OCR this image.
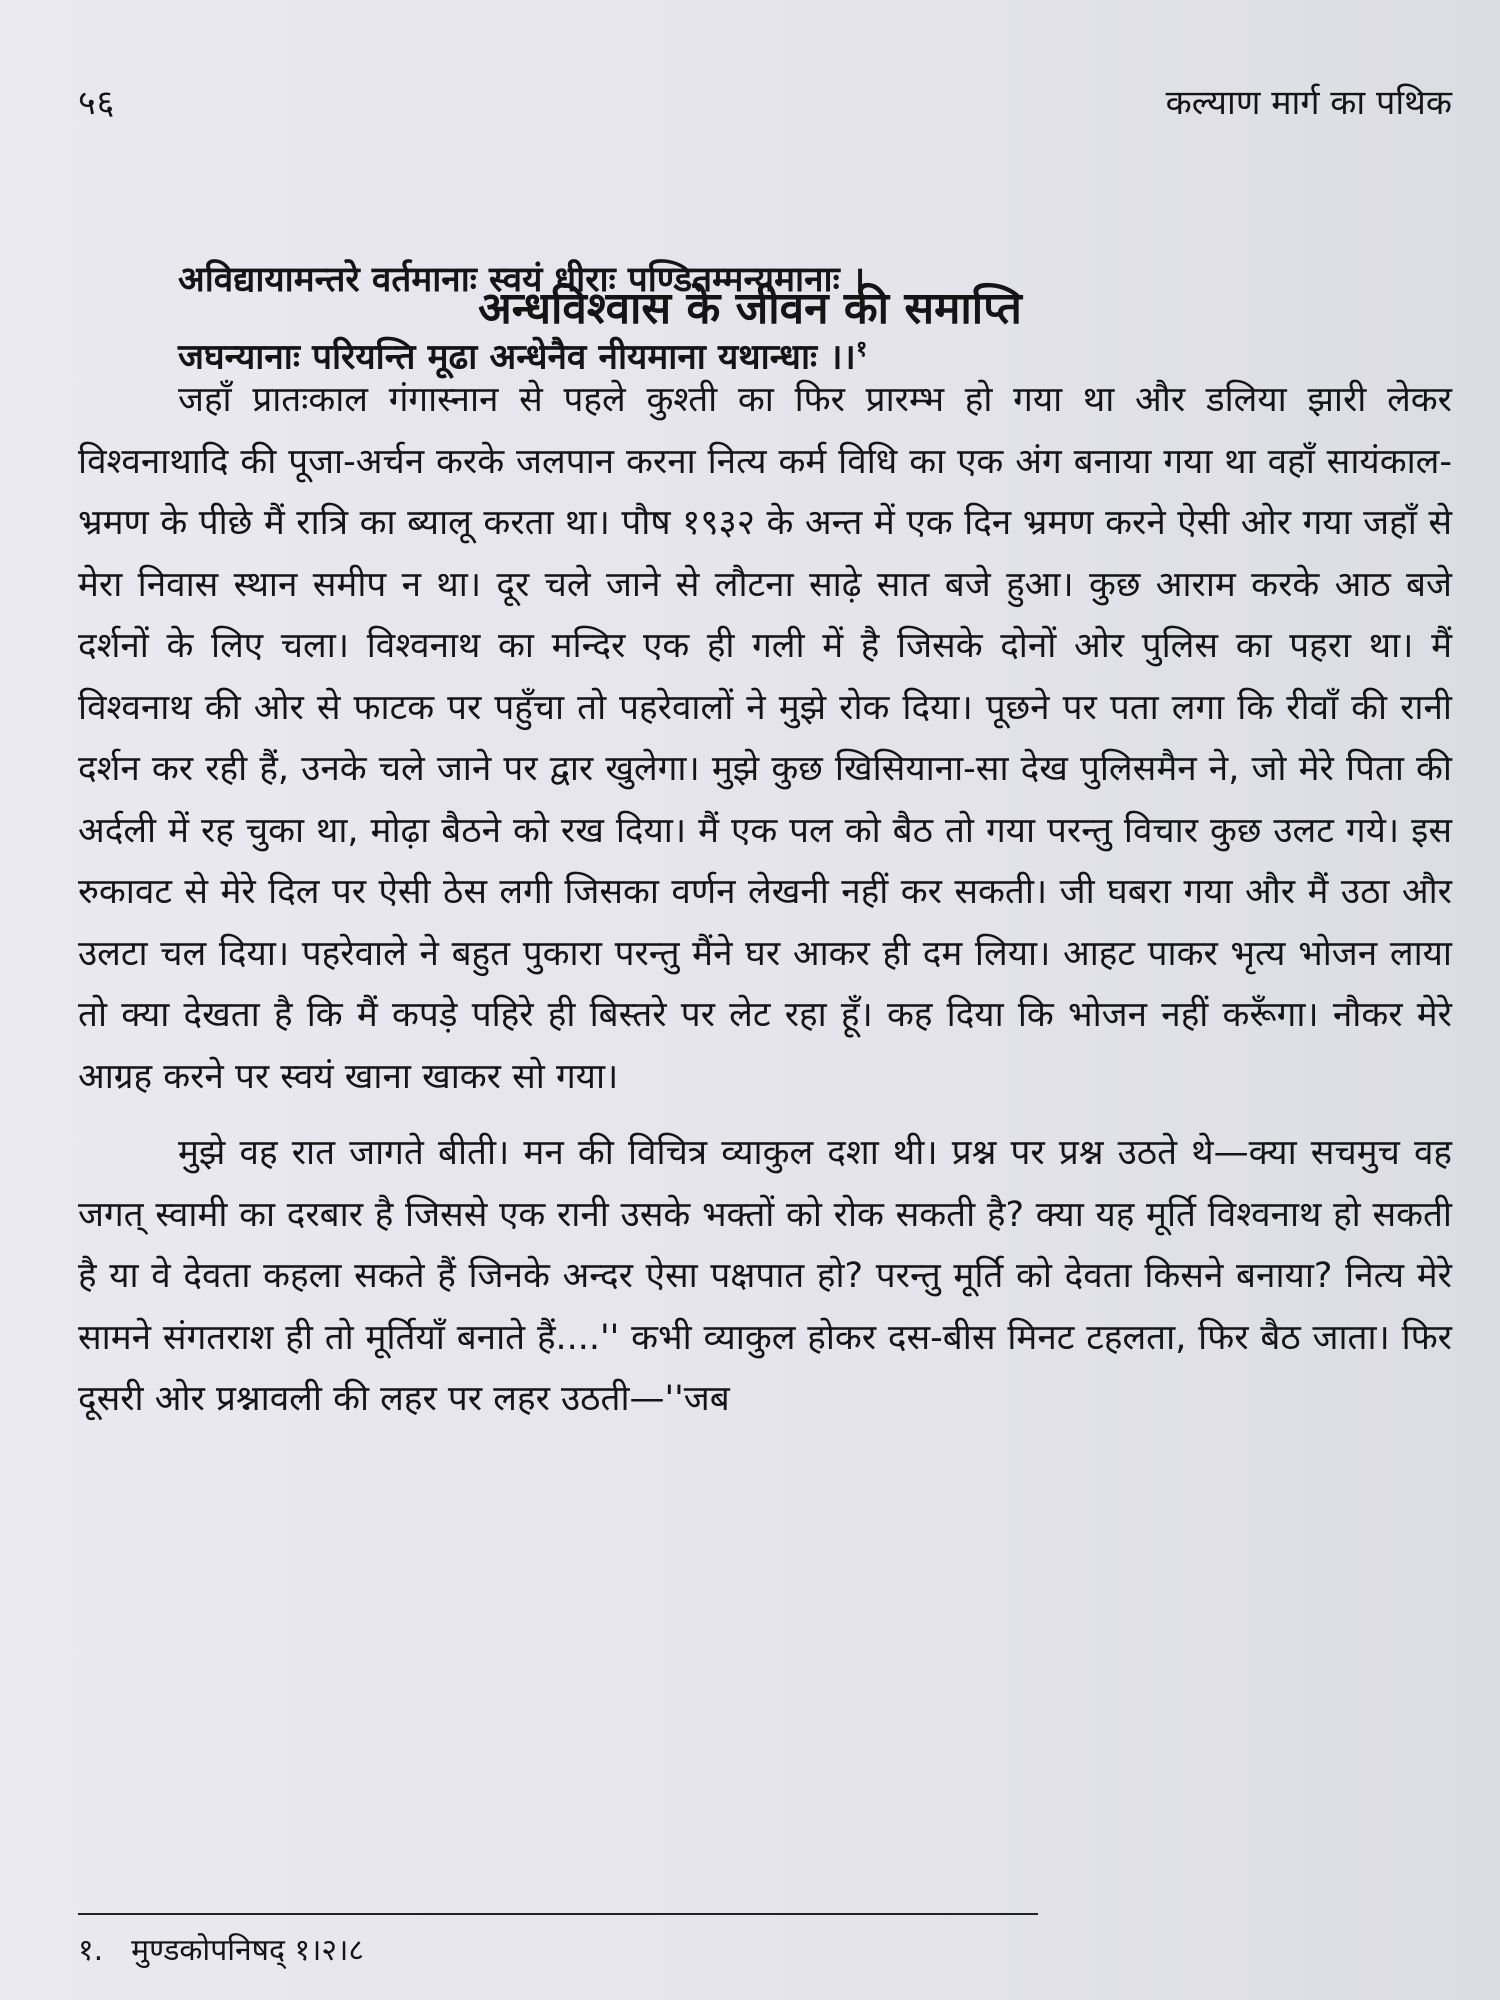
५६	कल्याण मार्ग का पथिक
अन्धविश्वास के जीवन की समाप्ति
अविद्यायामन्तरे वर्तमानाः स्वयं धीराः पण्डितम्मन्यमानाः ।
जघन्यानाः परियन्ति मूढा अन्धेनैव नीयमाना यथान्धाः ।।$^१$

जहाँ प्रातःकाल गंगास्नान से पहले कुश्ती का फिर प्रारम्भ हो गया था और डलिया झारी लेकर विश्वनाथादि की पूजा-अर्चन करके जलपान करना नित्य कर्म विधि का एक अंग बनाया गया था वहाँ सायंकाल-भ्रमण के पीछे मैं रात्रि का ब्यालू करता था। पौष १९३२ के अन्त में एक दिन भ्रमण करने ऐसी ओर गया जहाँ से मेरा निवास स्थान समीप न था। दूर चले जाने से लौटना साढ़े सात बजे हुआ। कुछ आराम करके आठ बजे दर्शनों के लिए चला। विश्वनाथ का मन्दिर एक ही गली में है जिसके दोनों ओर पुलिस का पहरा था। मैं विश्वनाथ की ओर से फाटक पर पहुँचा तो पहरेवालों ने मुझे रोक दिया। पूछने पर पता लगा कि रीवाँ की रानी दर्शन कर रही हैं, उनके चले जाने पर द्वार खुलेगा। मुझे कुछ खिसियाना-सा देख पुलिसमैन ने, जो मेरे पिता की अर्दली में रह चुका था, मोढ़ा बैठने को रख दिया। मैं एक पल को बैठ तो गया परन्तु विचार कुछ उलट गये। इस रुकावट से मेरे दिल पर ऐसी ठेस लगी जिसका वर्णन लेखनी नहीं कर सकती। जी घबरा गया और मैं उठा और उलटा चल दिया। पहरेवाले ने बहुत पुकारा परन्तु मैंने घर आकर ही दम लिया। आहट पाकर भृत्य भोजन लाया तो क्या देखता है कि मैं कपड़े पहिरे ही बिस्तरे पर लेट रहा हूँ। कह दिया कि भोजन नहीं करूँगा। नौकर मेरे आग्रह करने पर स्वयं खाना खाकर सो गया।

मुझे वह रात जागते बीती। मन की विचित्र व्याकुल दशा थी। प्रश्न पर प्रश्न उठते थे—क्या सचमुच वह जगत् स्वामी का दरबार है जिससे एक रानी उसके भक्तों को रोक सकती है? क्या यह मूर्ति विश्वनाथ हो सकती है या वे देवता कहला सकते हैं जिनके अन्दर ऐसा पक्षपात हो? परन्तु मूर्ति को देवता किसने बनाया? नित्य मेरे सामने संगतराश ही तो मूर्तियाँ बनाते हैं....'' कभी व्याकुल होकर दस-बीस मिनट टहलता, फिर बैठ जाता। फिर दूसरी ओर प्रश्नावली की लहर पर लहर उठती—''जब

१. मुण्डकोपनिषद् १।२।८
